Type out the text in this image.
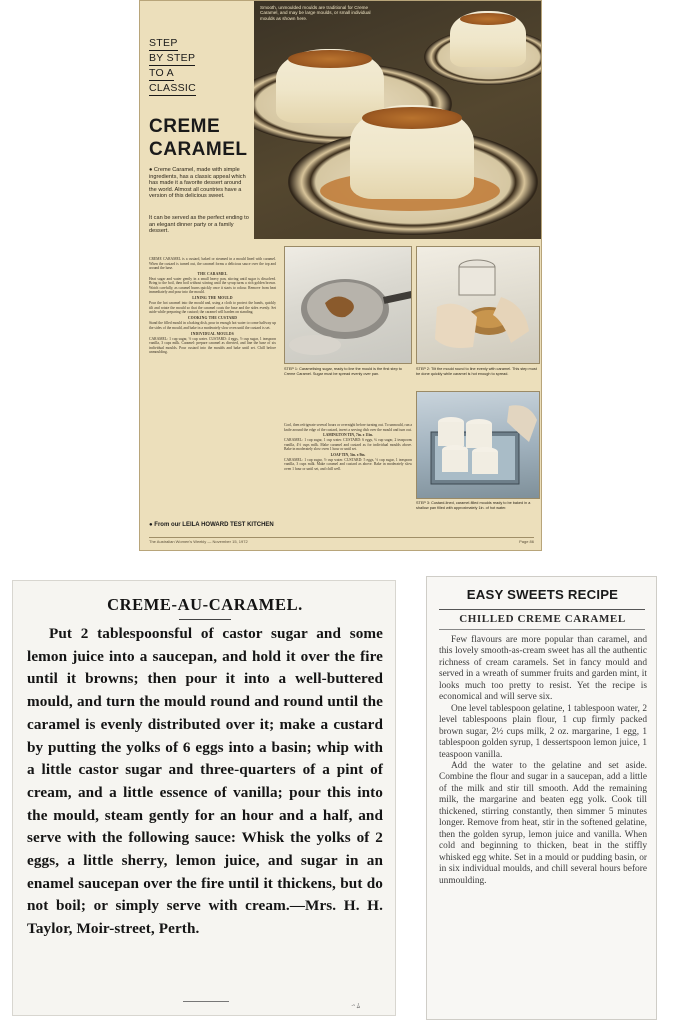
Smooth, unmoulded moulds are traditional for Creme Caramel, and may be large moulds, or small individual moulds as shown here.
STEP
BY STEP
TO A
CLASSIC
CREME
CARAMEL

● Creme Caramel, made with simple ingredients, has a classic appeal which has made it a favorite dessert around the world. Almost all countries have a version of this delicious sweet.

It can be served as the perfect ending to an elegant dinner party or a family dessert.

CREME CARAMEL is a custard, baked or steamed in a mould lined with caramel. When the custard is turned out, the caramel forms a delicious sauce over the top and around the base.

THE CARAMEL

Heat sugar and water gently in a small heavy pan, stirring until sugar is dissolved. Bring to the boil, then boil without stirring until the syrup turns a rich golden brown. Watch carefully, as caramel burns quickly once it starts to colour. Remove from heat immediately and pour into the mould.

LINING THE MOULD

Pour the hot caramel into the mould and, using a cloth to protect the hands, quickly tilt and rotate the mould so that the caramel coats the base and the sides evenly. Set aside while preparing the custard; the caramel will harden on standing.

COOKING THE CUSTARD

Stand the filled mould in a baking dish, pour in enough hot water to come halfway up the sides of the mould, and bake in a moderately slow oven until the custard is set.

INDIVIDUAL MOULDS

CARAMEL: 1 cup sugar, ½ cup water. CUSTARD: 4 eggs, ½ cup sugar, 1 teaspoon vanilla, 3 cups milk. Caramel: prepare caramel as directed, and line the base of six individual moulds. Pour custard into the moulds and bake until set. Chill before unmoulding.

STEP 1: Caramelising sugar, ready to line the mould is the first step to Creme Caramel. Sugar must be spread evenly over pan.
STEP 2: Tilt the mould round to line evenly with caramel. This step must be done quickly while caramel is hot enough to spread.
STEP 3: Custard-lined, caramel-filled moulds ready to be baked in a shallow pan filled with approximately 1in. of hot water.

Cool, then refrigerate several hours or overnight before turning out. To unmould, run a knife around the edge of the custard, invert a serving dish over the mould and turn out.

LAMINGTON TIN, 7in. x 11in.

CARAMEL: 1 cup sugar, 1 cup water. CUSTARD: 6 eggs, ¾ cup sugar, 2 teaspoons vanilla, 4½ cups milk. Make caramel and custard as for individual moulds above. Bake in moderately slow oven 1 hour or until set.

LOAF TIN, 5in. x 9in.

CARAMEL: 1 cup sugar, ½ cup water. CUSTARD: 5 eggs, ½ cup sugar, 1 teaspoon vanilla, 3 cups milk. Make caramel and custard as above. Bake in moderately slow oven 1 hour or until set, and chill well.

● From our LEILA HOWARD TEST KITCHEN
The Australian Women's Weekly — November 15, 1972	Page 86
CREME-AU-CARAMEL.

Put 2 tablespoonsful of castor sugar and some lemon juice into a saucepan, and hold it over the fire until it browns; then pour it into a well-buttered mould, and turn the mould round and round until the caramel is evenly distributed over it; make a custard by putting the yolks of 6 eggs into a basin; whip with a little castor sugar and three-quarters of a pint of cream, and a little essence of vanilla; pour this into the mould, steam gently for an hour and a half, and serve with the following sauce: Whisk the yolks of 2 eggs, a little sherry, lemon juice, and sugar in an enamel saucepan over the fire until it thickens, but do not boil; or simply serve with cream.—Mrs. H. H. Taylor, Moir-street, Perth.

·ˢ ﾑ
EASY SWEETS RECIPE
CHILLED CREME CARAMEL

Few flavours are more popular than caramel, and this lovely smooth-as-cream sweet has all the authentic richness of cream caramels. Set in fancy mould and served in a wreath of summer fruits and garden mint, it looks much too pretty to resist. Yet the recipe is economical and will serve six.

One level tablespoon gelatine, 1 tablespoon water, 2 level tablespoons plain flour, 1 cup firmly packed brown sugar, 2½ cups milk, 2 oz. margarine, 1 egg, 1 tablespoon golden syrup, 1 dessertspoon lemon juice, 1 teaspoon vanilla.

Add the water to the gelatine and set aside. Combine the flour and sugar in a saucepan, add a little of the milk and stir till smooth. Add the remaining milk, the margarine and beaten egg yolk. Cook till thickened, stirring constantly, then simmer 5 minutes longer. Remove from heat, stir in the softened gelatine, then the golden syrup, lemon juice and vanilla. When cold and beginning to thicken, beat in the stiffly whisked egg white. Set in a mould or pudding basin, or in six individual moulds, and chill several hours before unmoulding.
